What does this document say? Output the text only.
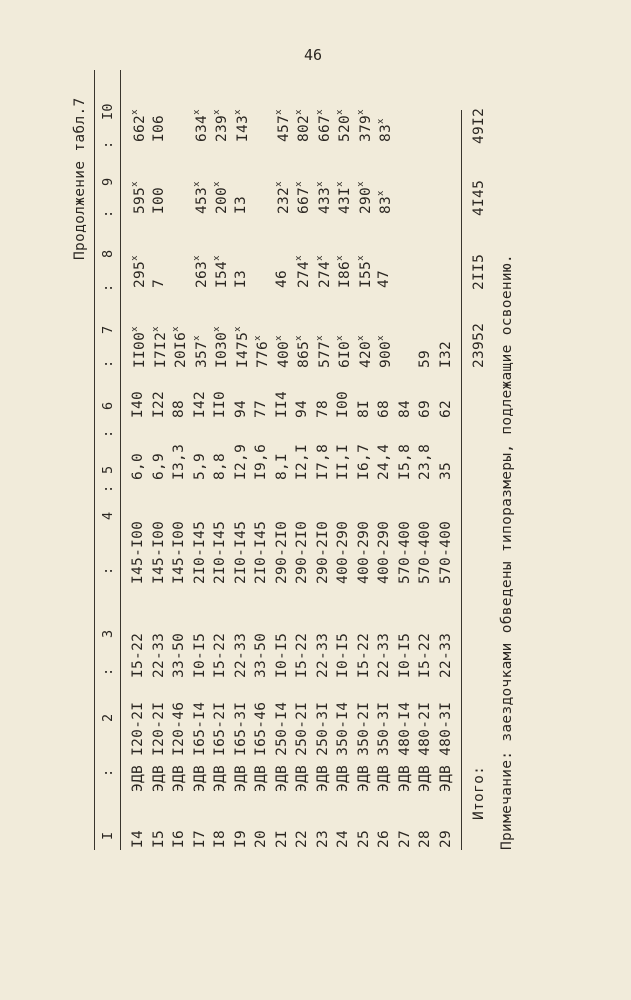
46
Продолжение табл.7
I
:
2
:
3
:
4
:
5
:
6
:
7
:
8
:
9
:
I0
I4
ЭДВ I20-2I
I5-22
I45-I00
6,0
I40
II00$^x$
295$^x$
595$^x$
662$^x$
I5
ЭДВ I20-2I
22-33
I45-I00
6,9
I22
I7I2$^x$
7
I00
I06
I6
ЭДВ I20-46
33-50
I45-I00
I3,3
88
20I6$^x$
I7
ЭДВ I65-I4
I0-I5
2I0-I45
5,9
I42
357$^x$
263$^x$
453$^x$
634$^x$
I8
ЭДВ I65-2I
I5-22
2I0-I45
8,8
II0
I030$^x$
I54$^x$
200$^x$
239$^x$
I9
ЭДВ I65-3I
22-33
2I0-I45
I2,9
94
I475$^x$
I3
I3
I43$^x$
20
ЭДВ I65-46
33-50
2I0-I45
I9,6
77
776$^x$
2I
ЭДВ 250-I4
I0-I5
290-2I0
8,I
II4
400$^x$
46
232$^x$
457$^x$
22
ЭДВ 250-2I
I5-22
290-2I0
I2,I
94
865$^x$
274$^x$
667$^x$
802$^x$
23
ЭДВ 250-3I
22-33
290-2I0
I7,8
78
577$^x$
274$^x$
433$^x$
667$^x$
24
ЭДВ 350-I4
I0-I5
400-290
II,I
I00
6I0$^x$
I86$^x$
$43I^x$
520$^x$
25
ЭДВ 350-2I
I5-22
400-290
I6,7
8I
420$^x$
I55$^x$
290$^x$
379$^x$
26
ЭДВ 350-3I
22-33
400-290
24,4
68
900$^x$
47
83$^x$
83$^x$
27
ЭДВ 480-I4
I0-I5
570-400
I5,8
84
28
ЭДВ 480-2I
I5-22
570-400
23,8
69
59
29
ЭДВ 480-3I
22-33
570-400
35
62
I32
Итого:
23952
2II5
4I45
49I2
Примечание: заездочками обведены типоразмеры, подлежащие освоению.
